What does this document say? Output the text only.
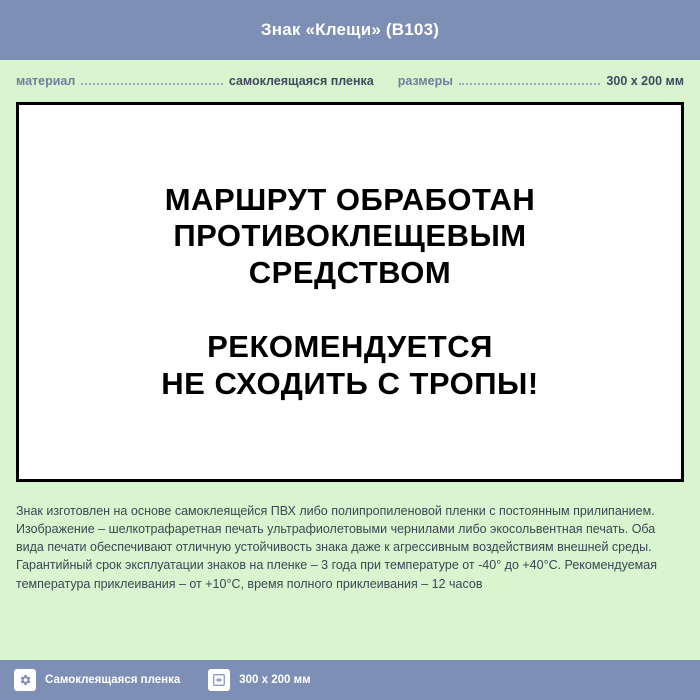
Знак «Клещи» (B103)
материал	самоклеящаяся пленка размеры	300 x 200 мм
МАРШРУТ ОБРАБОТАН
ПРОТИВОКЛЕЩЕВЫМ
СРЕДСТВОМ
РЕКОМЕНДУЕТСЯ
НЕ СХОДИТЬ С ТРОПЫ!
Знак изготовлен на основе самоклеящейся ПВХ либо полипропиленовой пленки с постоянным прилипанием. Изображение – шелкотрафаретная печать ультрафиолетовыми чернилами либо экосольвентная печать. Оба вида печати обеспечивают отличную устойчивость знака даже к агрессивным воздействиям внешней среды. Гарантийный срок эксплуатации знаков на пленке – 3 года при температуре от -40° до +40°C. Рекомендуемая температура приклеивания – от +10°C, время полного приклеивания – 12 часов
Самоклеящаяся пленка	300 x 200 мм
